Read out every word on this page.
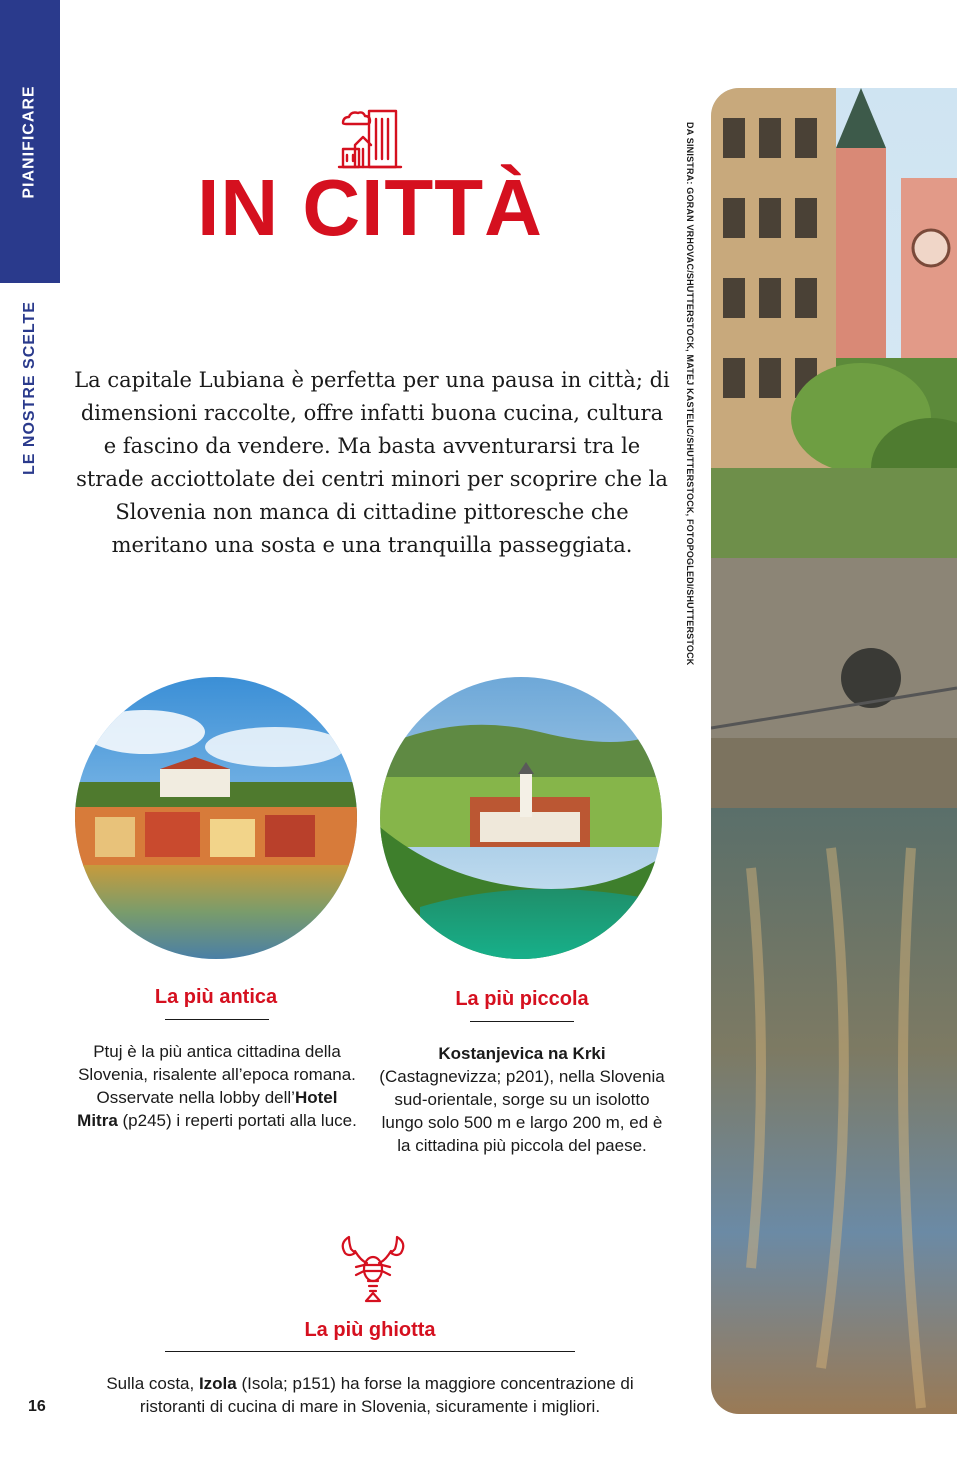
PIANIFICARE
LE NOSTRE SCELTE
IN CITTÀ
La capitale Lubiana è perfetta per una pausa in città; di dimensioni raccolte, offre infatti buona cucina, cultura e fascino da vendere. Ma basta avventurarsi tra le strade acciottolate dei centri minori per scoprire che la Slovenia non manca di cittadine pittoresche che meritano una sosta e una tranquilla passeggiata.
La più antica
Ptuj è la più antica cittadina della Slovenia, risalente all’epoca romana. Osservate nella lobby dell’Hotel Mitra (p245) i reperti portati alla luce.
La più piccola
Kostanjevica na Krki (Castagnevizza; p201), nella Slovenia sud-orientale, sorge su un isolotto lungo solo 500 m e largo 200 m, ed è la cittadina più piccola del paese.
La più ghiotta
Sulla costa, Izola (Isola; p151) ha forse la maggiore concentrazione di ristoranti di cucina di mare in Slovenia, sicuramente i migliori.
16
DA SINISTRA: GORAN VRHOVAC/SHUTTERSTOCK, MATEJ KASTELIC/SHUTTERSTOCK, FOTOPOGLEDI/SHUTTERSTOCK
